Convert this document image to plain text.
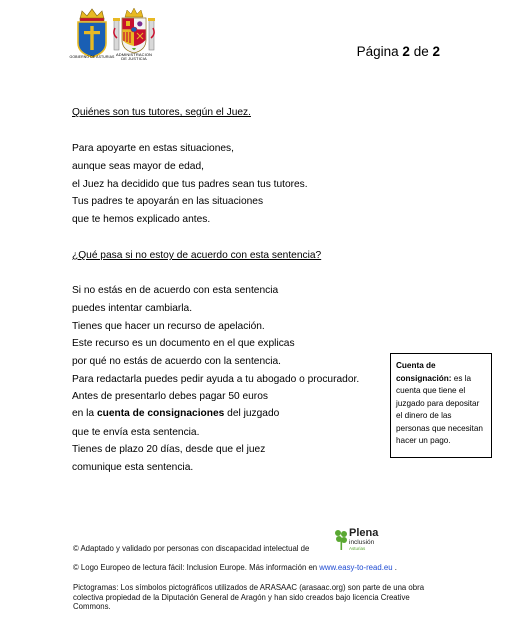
GOBIERNO DE ASTURIAS ADMINISTRACION
DE JUSTICIA	Página 2 de 2
Quiénes son tus tutores, según el Juez.
Para apoyarte en estas situaciones,
aunque seas mayor de edad,
el Juez ha decidido que tus padres sean tus tutores.
Tus padres te apoyarán en las situaciones
que te hemos explicado antes.
¿Qué pasa si no estoy de acuerdo con esta sentencia?
Si no estás en de acuerdo con esta sentencia
puedes intentar cambiarla.
Tienes que hacer un recurso de apelación.
Este recurso es un documento en el que explicas
por qué no estás de acuerdo con la sentencia.
Para redactarla puedes pedir ayuda a tu abogado o procurador.
Antes de presentarlo debes pagar 50 euros
en la cuenta de consignaciones del juzgado
que te envía esta sentencia.
Tienes de plazo 20 días, desde que el juez
comunique esta sentencia.
Cuenta de consignación: es la cuenta que tiene el juzgado para depositar el dinero de las personas que necesitan hacer un pago.
© Adaptado y validado por personas con discapacidad intelectual de
Plena
inclusión
Asturias
© Logo Europeo de lectura fácil: Inclusion Europe. Más información en www.easy-to-read.eu .
Pictogramas: Los símbolos pictográficos utilizados de ARASAAC (arasaac.org) son parte de una obra colectiva propiedad de la Diputación General de Aragón y han sido creados bajo licencia Creative Commons.
